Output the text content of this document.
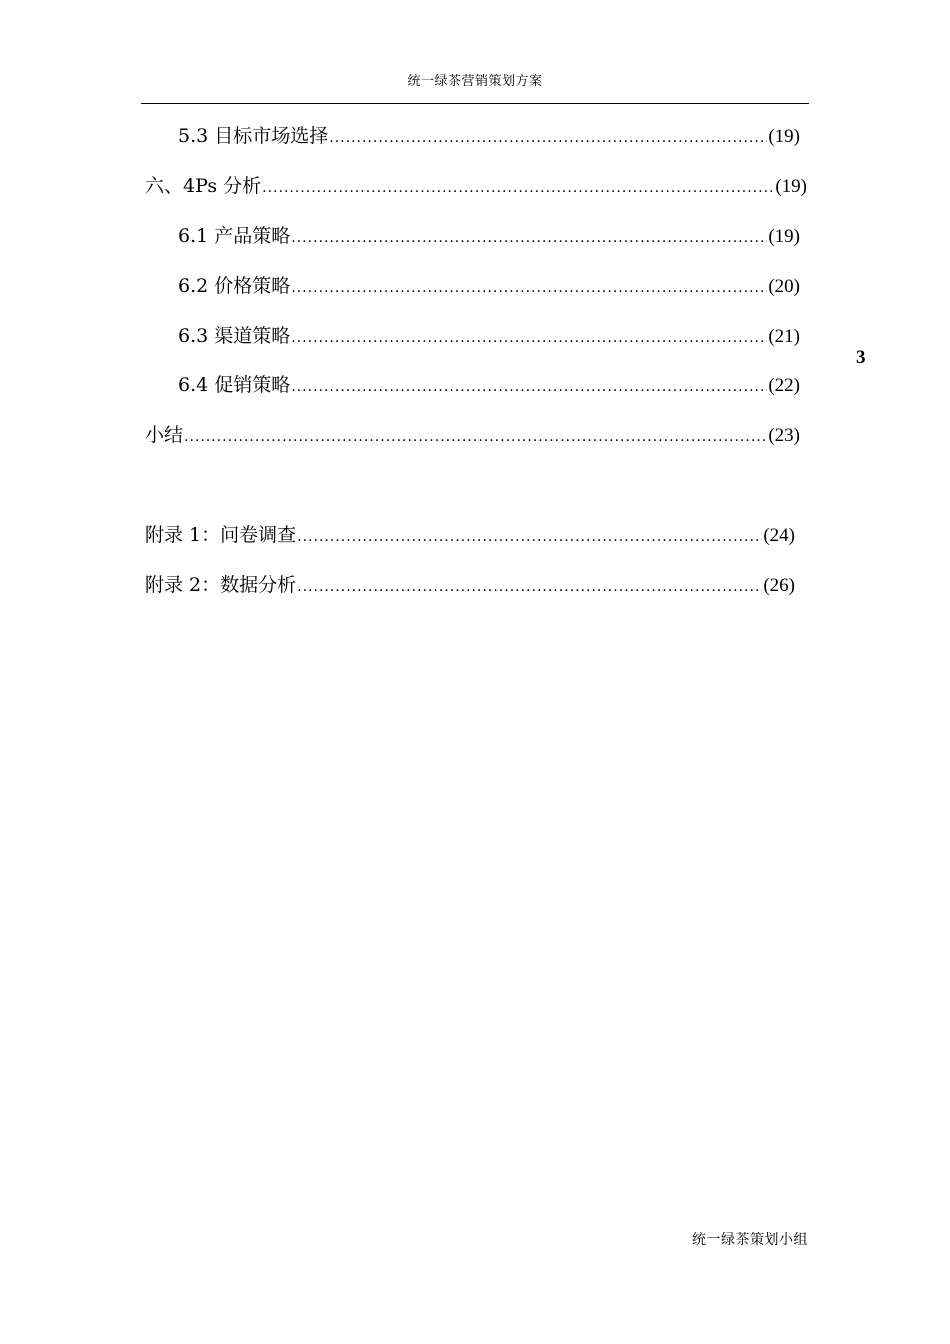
统一绿茶营销策划方案
5.3 目标市场选择 .....	(19)
六、4Ps 分析 .....	(19)
6.1 产品策略 .....	(19)
6.2 价格策略 .....	(20)
6.3 渠道策略 .....	(21)
6.4 促销策略 .....	(22)
小结 .....	(23)
附录 1：问卷调查 .....	(24)
附录 2：数据分析 .....	(26)
3
统一绿茶策划小组
